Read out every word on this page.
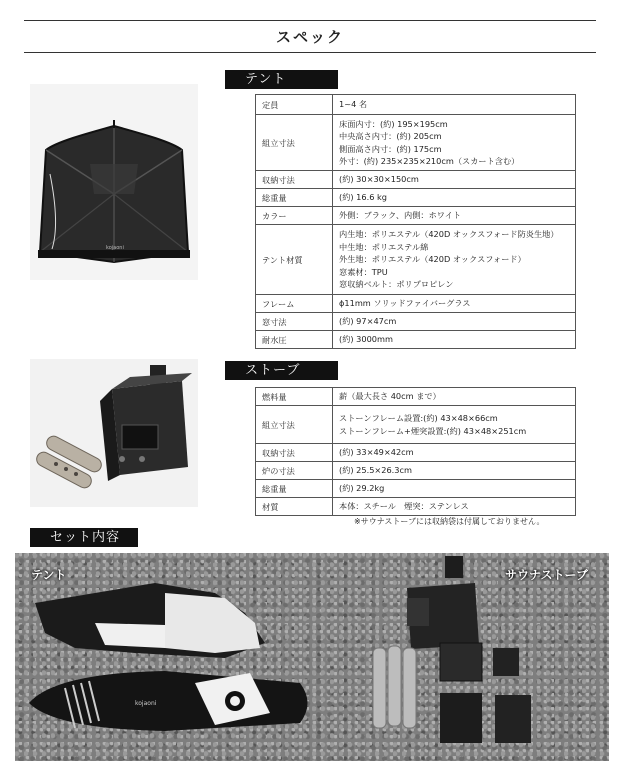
スペック
kojaoni
テント
定員	1~4 名

組立寸法	床面内寸：(約) 195×195cm
中央高さ内寸：(約) 205cm
側面高さ内寸：(約) 175cm
外寸：(約) 235×235×210cm（スカート含む）

収納寸法	(約) 30×30×150cm

総重量	(約) 16.6 kg

カラー	外側：ブラック、内側：ホワイト

テント材質	内生地：ポリエステル（420D オックスフォード防炎生地）
中生地：ポリエステル綿
外生地：ポリエステル（420D オックスフォード）
窓素材：TPU
窓収納ベルト：ポリプロピレン

フレーム	ϕ11mm ソリッドファイバーグラス

窓寸法	(約) 97×47cm

耐水圧	(約) 3000mm
ストーブ
燃料量	薪（最大長さ 40cm まで）

組立寸法	ストーンフレーム設置:(約) 43×48×66cm
ストーンフレーム+煙突設置:(約) 43×48×251cm

収納寸法	(約) 33×49×42cm

炉の寸法	(約) 25.5×26.3cm

総重量	(約) 29.2kg

材質	本体：スチール　煙突：ステンレス
※サウナストーブには収納袋は付属しておりません。
セット内容
kojaoni
テント	サウナストーブ
